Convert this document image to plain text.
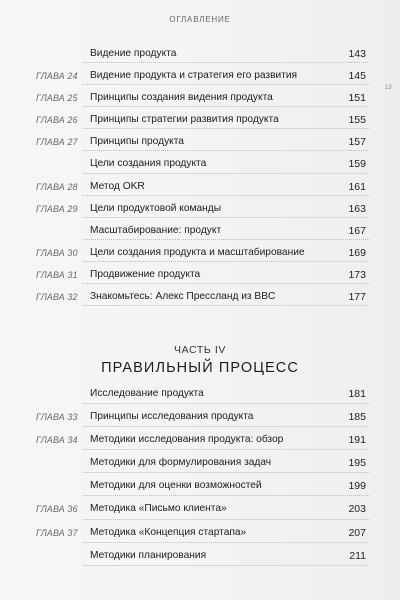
ОГЛАВЛЕНИЕ
13
Видение продукта	143
ГЛАВА 24	Видение продукта и стратегия его развития	145
ГЛАВА 25	Принципы создания видения продукта	151
ГЛАВА 26	Принципы стратегии развития продукта	155
ГЛАВА 27	Принципы продукта	157
Цели создания продукта	159
ГЛАВА 28	Метод OKR	161
ГЛАВА 29	Цели продуктовой команды	163
Масштабирование: продукт	167
ГЛАВА 30	Цели создания продукта и масштабирование	169
ГЛАВА 31	Продвижение продукта	173
ГЛАВА 32	Знакомьтесь: Алекс Пресcланд из BBC	177
ЧАСТЬ IV
ПРАВИЛЬНЫЙ ПРОЦЕСС
Исследование продукта	181
ГЛАВА 33	Принципы исследования продукта	185
ГЛАВА 34	Методики исследования продукта: обзор	191
Методики для формулирования задач	195
Методики для оценки возможностей	199
ГЛАВА 36	Методика «Письмо клиента»	203
ГЛАВА 37	Методика «Концепция стартапа»	207
Методики планирования	211
